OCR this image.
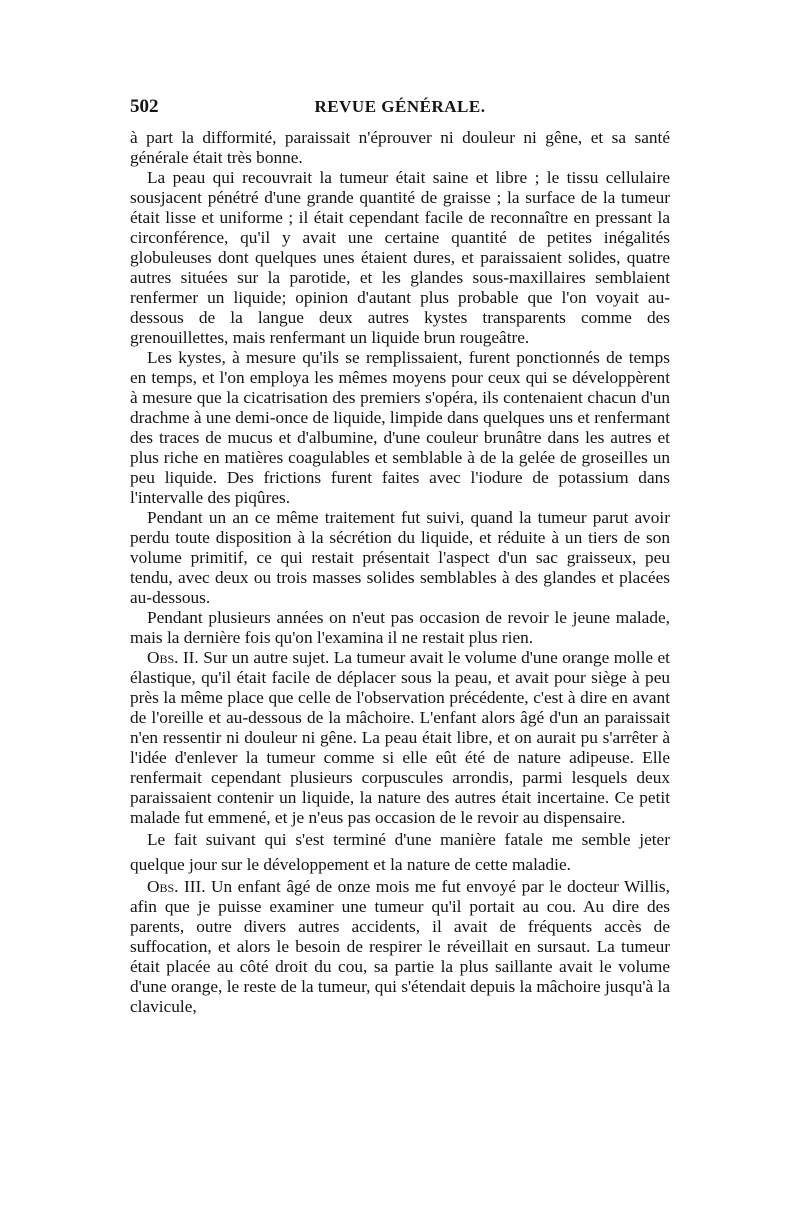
502	REVUE GÉNÉRALE.

à part la difformité, paraissait n'éprouver ni douleur ni gêne, et sa santé générale était très bonne.

La peau qui recouvrait la tumeur était saine et libre ; le tissu cellulaire sousjacent pénétré d'une grande quantité de graisse ; la surface de la tumeur était lisse et uniforme ; il était cependant facile de reconnaître en pressant la circonférence, qu'il y avait une certaine quantité de petites inégalités globuleuses dont quelques unes étaient dures, et paraissaient solides, quatre autres situées sur la parotide, et les glandes sous-maxillaires semblaient renfermer un liquide; opinion d'autant plus probable que l'on voyait au-dessous de la langue deux autres kystes transparents comme des grenouillettes, mais renfermant un liquide brun rougeâtre.

Les kystes, à mesure qu'ils se remplissaient, furent ponctionnés de temps en temps, et l'on employa les mêmes moyens pour ceux qui se développèrent à mesure que la cicatrisation des premiers s'opéra, ils contenaient chacun d'un drachme à une demi-once de liquide, limpide dans quelques uns et renfermant des traces de mucus et d'albumine, d'une couleur brunâtre dans les autres et plus riche en matières coagulables et semblable à de la gelée de groseilles un peu liquide. Des frictions furent faites avec l'iodure de potassium dans l'intervalle des piqûres.

Pendant un an ce même traitement fut suivi, quand la tumeur parut avoir perdu toute disposition à la sécrétion du liquide, et réduite à un tiers de son volume primitif, ce qui restait présentait l'aspect d'un sac graisseux, peu tendu, avec deux ou trois masses solides semblables à des glandes et placées au-dessous.

Pendant plusieurs années on n'eut pas occasion de revoir le jeune malade, mais la dernière fois qu'on l'examina il ne restait plus rien.

Obs. II. Sur un autre sujet. La tumeur avait le volume d'une orange molle et élastique, qu'il était facile de déplacer sous la peau, et avait pour siège à peu près la même place que celle de l'observation précédente, c'est à dire en avant de l'oreille et au-dessous de la mâchoire. L'enfant alors âgé d'un an paraissait n'en ressentir ni douleur ni gêne. La peau était libre, et on aurait pu s'arrêter à l'idée d'enlever la tumeur comme si elle eût été de nature adipeuse. Elle renfermait cependant plusieurs corpuscules arrondis, parmi lesquels deux paraissaient contenir un liquide, la nature des autres était incertaine. Ce petit malade fut emmené, et je n'eus pas occasion de le revoir au dispensaire.

Le fait suivant qui s'est terminé d'une manière fatale me semble jeter quelque jour sur le développement et la nature de cette maladie.

Obs. III. Un enfant âgé de onze mois me fut envoyé par le docteur Willis, afin que je puisse examiner une tumeur qu'il portait au cou. Au dire des parents, outre divers autres accidents, il avait de fréquents accès de suffocation, et alors le besoin de respirer le réveillait en sursaut. La tumeur était placée au côté droit du cou, sa partie la plus saillante avait le volume d'une orange, le reste de la tumeur, qui s'étendait depuis la mâchoire jusqu'à la clavicule,
